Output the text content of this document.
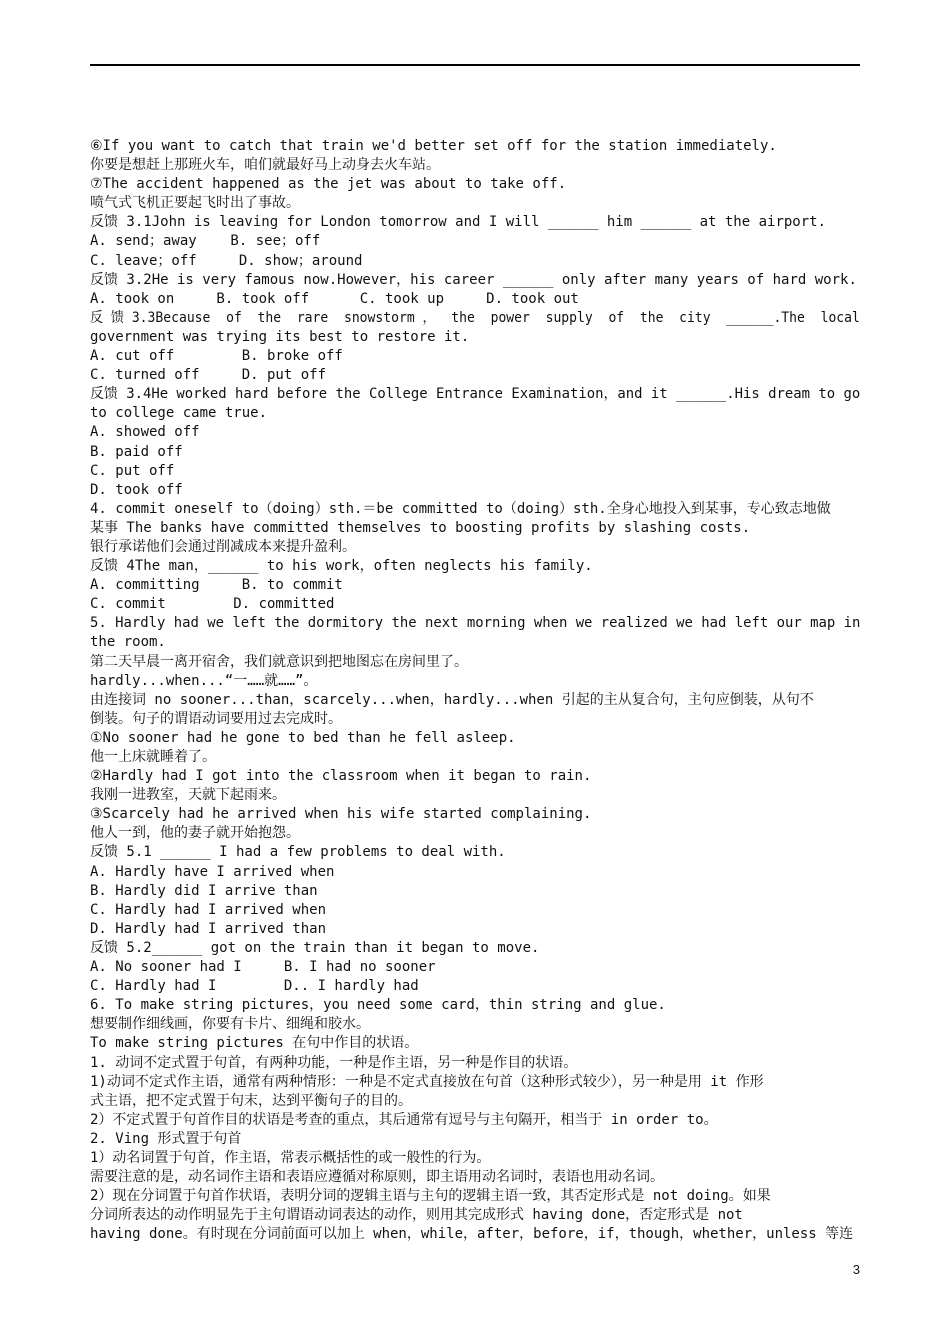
⑥If you want to catch that train we'd better set off for the station immediately.
你要是想赶上那班火车，咱们就最好马上动身去火车站。
⑦The accident happened as the jet was about to take off.
喷气式飞机正要起飞时出了事故。
反馈 3.1John is leaving for London tomorrow and I will ______ him ______ at the airport.
A. send；away    B. see；off
C. leave；off     D. show；around
反馈 3.2He is very famous now.However，his career ______ only after many years of hard work.
A. took on     B. took off      C. took up     D. took out
反 馈 3.3Because  of  the  rare  snowstorm ，  the  power  supply  of  the  city  ______.The  local
government was trying its best to restore it.
A. cut off        B. broke off
C. turned off     D. put off
反馈 3.4He worked hard before the College Entrance Examination，and it ______.His dream to go
to college came true.
A. showed off
B. paid off
C. put off
D. took off
4. commit oneself to（doing）sth.＝be committed to（doing）sth.全身心地投入到某事，专心致志地做
某事 The banks have committed themselves to boosting profits by slashing costs.
银行承诺他们会通过削减成本来提升盈利。
反馈 4The man，______ to his work，often neglects his family.
A. committing     B. to commit
C. commit        D. committed
5. Hardly had we left the dormitory the next morning when we realized we had left our map in
the room.
第二天早晨一离开宿舍，我们就意识到把地图忘在房间里了。
hardly...when...“一……就……”。
由连接词 no sooner...than，scarcely...when，hardly...when 引起的主从复合句，主句应倒装，从句不
倒装。句子的谓语动词要用过去完成时。
①No sooner had he gone to bed than he fell asleep.
他一上床就睡着了。
②Hardly had I got into the classroom when it began to rain.
我刚一进教室，天就下起雨来。
③Scarcely had he arrived when his wife started complaining.
他人一到，他的妻子就开始抱怨。
反馈 5.1 ______ I had a few problems to deal with.
A. Hardly have I arrived when
B. Hardly did I arrive than
C. Hardly had I arrived when
D. Hardly had I arrived than
反馈 5.2______ got on the train than it began to move.
A. No sooner had I     B. I had no sooner
C. Hardly had I        D.. I hardly had
6. To make string pictures，you need some card，thin string and glue.
想要制作细线画，你要有卡片、细绳和胶水。
To make string pictures 在句中作目的状语。
1. 动词不定式置于句首，有两种功能，一种是作主语，另一种是作目的状语。
1)动词不定式作主语，通常有两种情形：一种是不定式直接放在句首（这种形式较少），另一种是用 it 作形
式主语，把不定式置于句末，达到平衡句子的目的。
2）不定式置于句首作目的状语是考查的重点，其后通常有逗号与主句隔开，相当于 in order to。
2. Ving 形式置于句首
1）动名词置于句首，作主语，常表示概括性的或一般性的行为。
需要注意的是，动名词作主语和表语应遵循对称原则，即主语用动名词时，表语也用动名词。
2）现在分词置于句首作状语，表明分词的逻辑主语与主句的逻辑主语一致，其否定形式是 not doing。如果
分词所表达的动作明显先于主句谓语动词表达的动作，则用其完成形式 having done，否定形式是 not
having done。有时现在分词前面可以加上 when，while，after，before，if，though，whether，unless 等连
3
